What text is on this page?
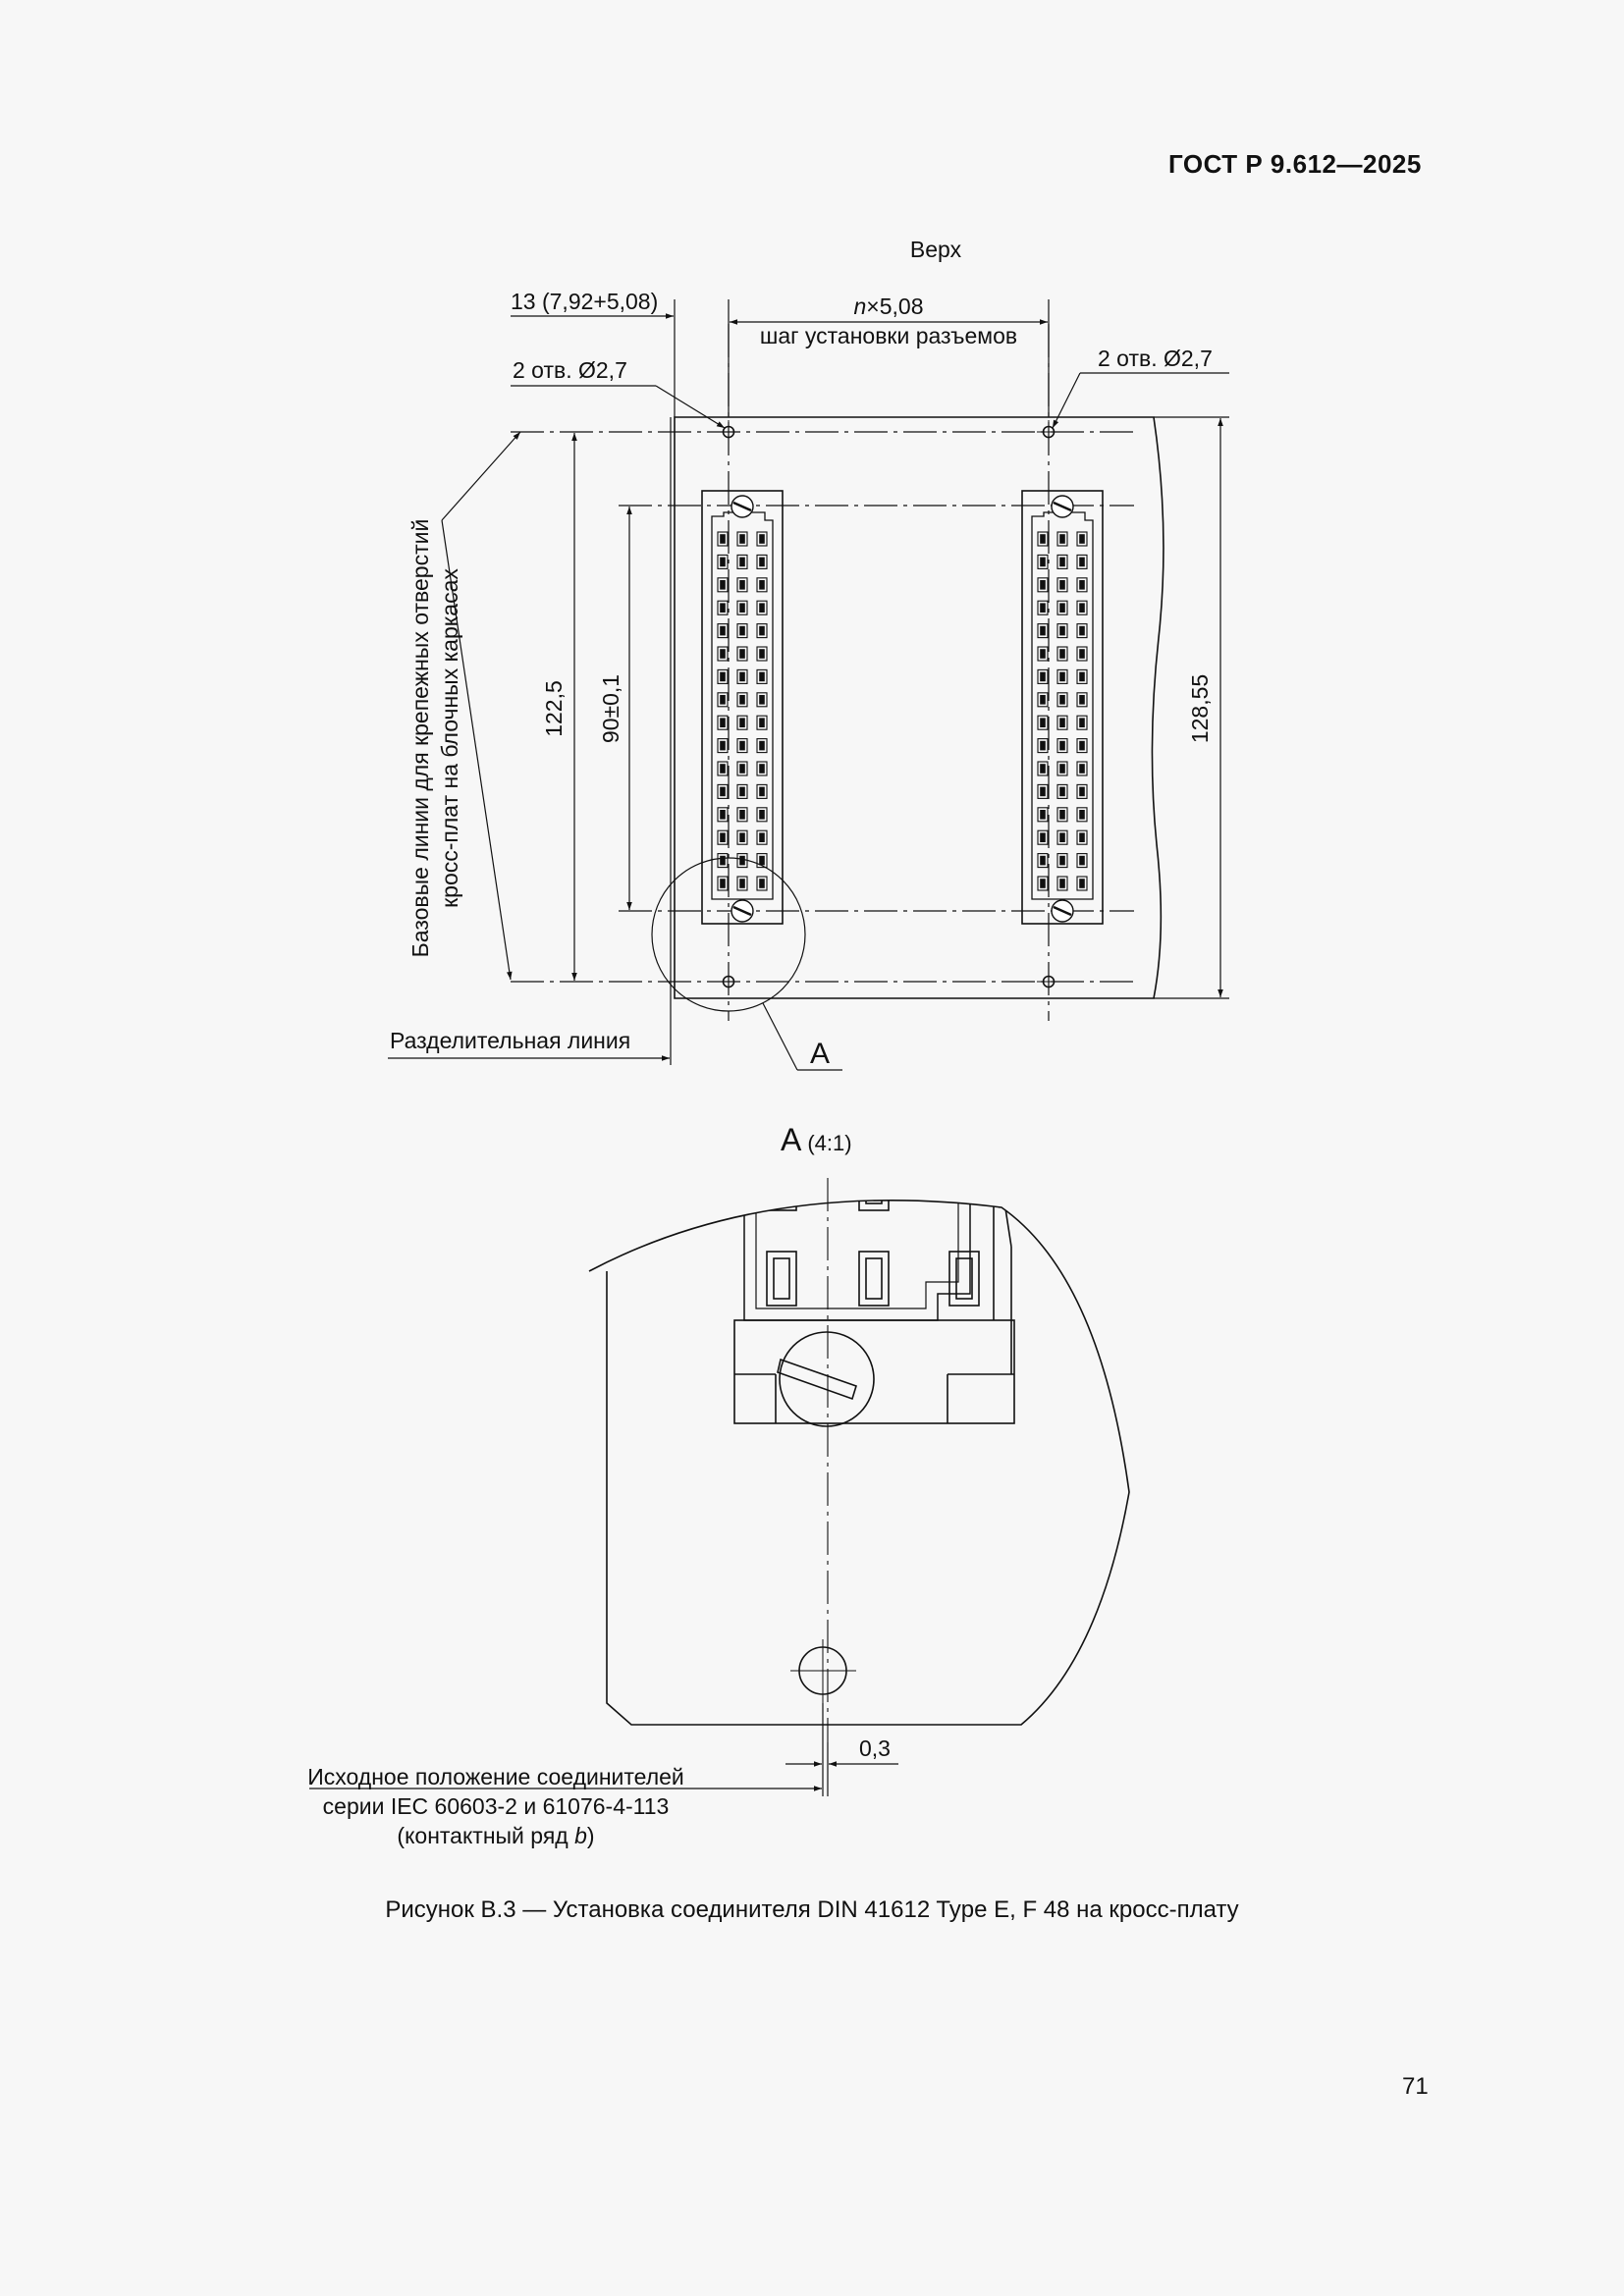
ГОСТ Р 9.612—2025
Верх
13 (7,92+5,08)	n×5,08
шаг установки разъемов
2 отв. Ø2,7	2 отв. Ø2,7
122,5 90±0,1	128,55
Базовые линии для крепежных отверстий кросс-плат на блочных каркасах
Разделительная линия	А
А (4:1)
0,3
Исходное положение соединителей
серии IEC 60603-2 и 61076-4-113
(контактный ряд b)
Рисунок В.3 — Установка соединителя DIN 41612 Type E, F 48 на кросс-плату
71
